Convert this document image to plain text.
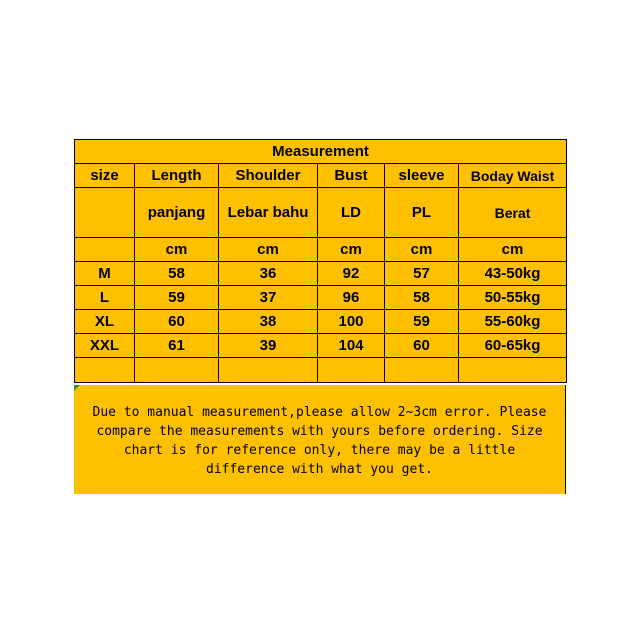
Measurement					
size	Length	Shoulder	Bust	sleeve	Boday Waist
	panjang	Lebar bahu	LD	PL	Berat
	cm	cm	cm	cm	cm
M	58	36	92	57	43-50kg
L	59	37	96	58	50-55kg
XL	60	38	100	59	55-60kg
XXL	61	39	104	60	60-65kg

Due to manual measurement,please allow 2~3cm error. Please compare the measurements with yours before ordering. Size chart is for reference only, there may be a little difference with what you get.
